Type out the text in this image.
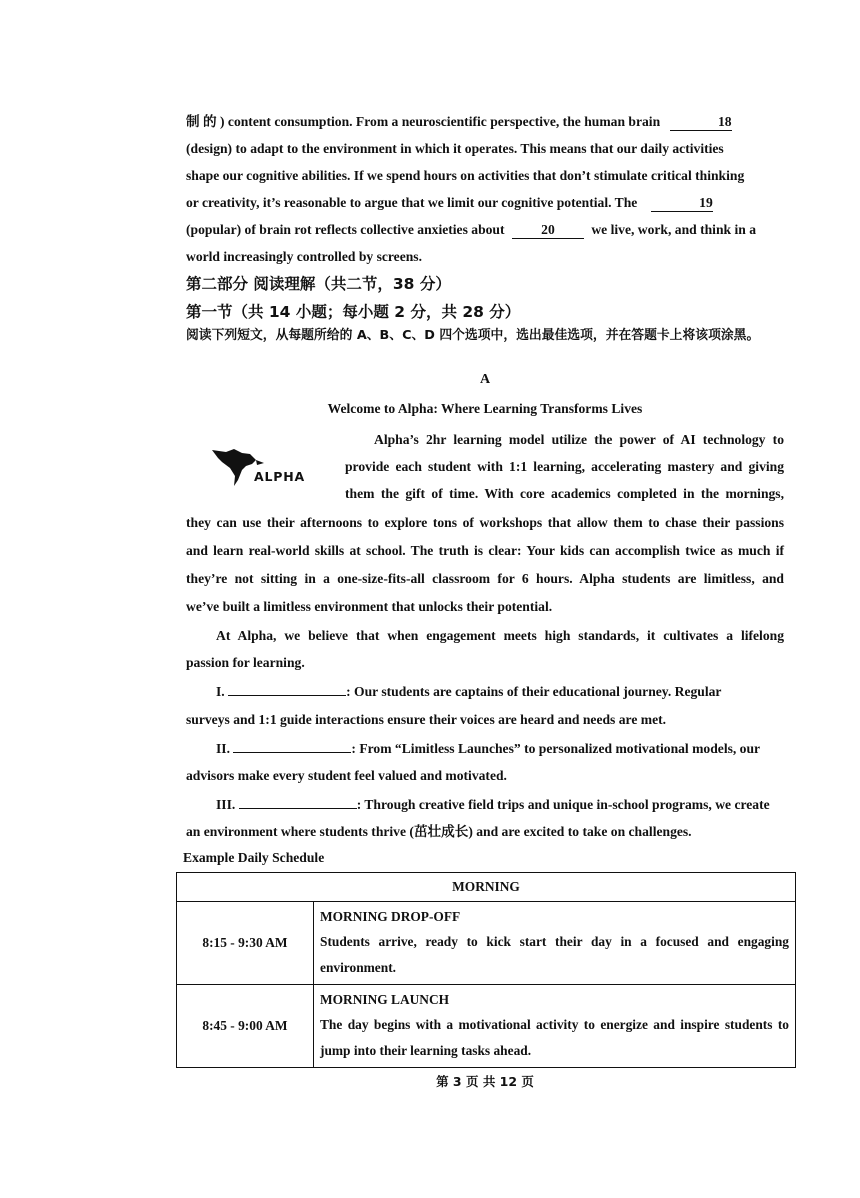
制 的 ) content consumption. From a neuroscientific perspective, the human brain	18
(design) to adapt to the environment in which it operates. This means that our daily activities
shape our cognitive abilities. If we spend hours on activities that don’t stimulate critical thinking
or creativity, it’s reasonable to argue that we limit our cognitive potential. The	19
(popular) of brain rot reflects collective anxieties about	20	we live, work, and think in a
world increasingly controlled by screens.
第二部分 阅读理解（共二节，38 分）
第一节（共 14 小题；每小题 2 分，共 28 分）
阅读下列短文，从每题所给的 A、B、C、D 四个选项中，选出最佳选项，并在答题卡上将该项涂黑。
A
Welcome to Alpha: Where Learning Transforms Lives
ALPHA
Alpha’s 2hr learning model utilize the power of AI technology to
provide each student with 1:1 learning, accelerating mastery and giving
them the gift of time. With core academics completed in the mornings,
they can use their afternoons to explore tons of workshops that allow them to chase their passions
and learn real-world skills at school. The truth is clear: Your kids can accomplish twice as much if
they’re not sitting in a one-size-fits-all classroom for 6 hours. Alpha students are limitless, and
we’ve built a limitless environment that unlocks their potential.
At Alpha, we believe that when engagement meets high standards, it cultivates a lifelong
passion for learning.
I.	: Our students are captains of their educational journey. Regular
surveys and 1:1 guide interactions ensure their voices are heard and needs are met.
II.	: From “Limitless Launches” to personalized motivational models, our
advisors make every student feel valued and motivated.
III.	: Through creative field trips and unique in-school programs, we create
an environment where students thrive (茁壮成长) and are excited to take on challenges.
Example Daily Schedule
MORNING	
8:15 - 9:30 AM	MORNING DROP-OFF
Students arrive, ready to kick start their day in a focused and engaging environment.

8:45 - 9:00 AM	MORNING LAUNCH
The day begins with a motivational activity to energize and inspire students to jump into their learning tasks ahead.
第 3 页 共 12 页
